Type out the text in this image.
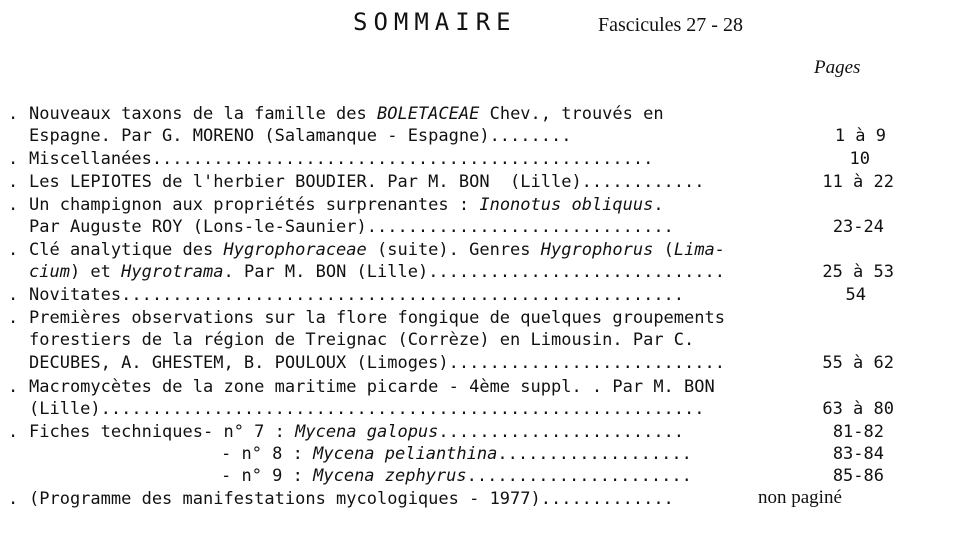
SOMMAIRE	Fascicules 27 - 28
Pages
. Nouveaux taxons de la famille des BOLETACEAE Chev., trouvés en
Espagne. Par G. MORENO (Salamanque - Espagne)........	1 à 9
. Miscellanées.................................................	10
. Les LEPIOTES de l'herbier BOUDIER. Par M. BON  (Lille)............	11 à 22
. Un champignon aux propriétés surprenantes : Inonotus obliquus.
Par Auguste ROY (Lons-le-Saunier)..............................	23-24
. Clé analytique des Hygrophoraceae (suite). Genres Hygrophorus (Lima-
cium) et Hygrotrama. Par M. BON (Lille).............................	25 à 53
. Novitates.......................................................	54
. Premières observations sur la flore fongique de quelques groupements
forestiers de la région de Treignac (Corrèze) en Limousin. Par C.
DECUBES, A. GHESTEM, B. POULOUX (Limoges)...........................	55 à 62
. Macromycètes de la zone maritime picarde - 4ème suppl. . Par M. BON
(Lille)...........................................................	63 à 80
. Fiches techniques- n° 7 : Mycena galopus........................	81-82
- n° 8 : Mycena pelianthina...................	83-84
- n° 9 : Mycena zephyrus......................	85-86
. (Programme des manifestations mycologiques - 1977).............	non paginé
